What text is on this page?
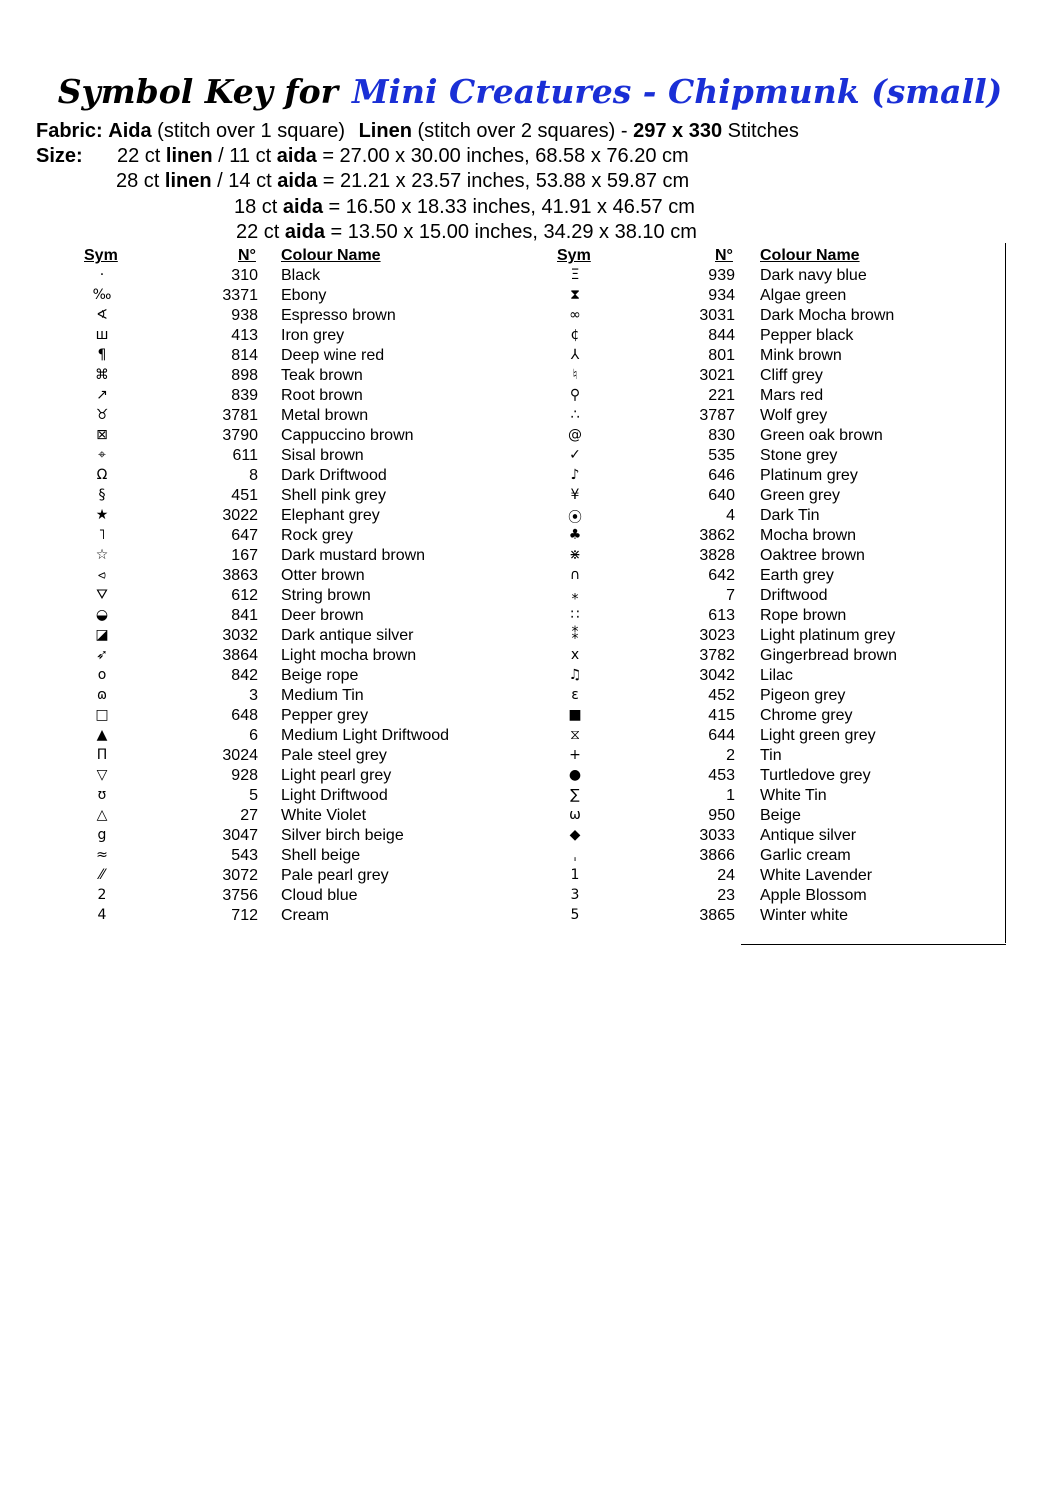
Symbol Key for Mini Creatures - Chipmunk (small)
Fabric: Aida (stitch over 1 square) Linen (stitch over 2 squares) - 297 x 330 Stitches
Size: 22 ct linen / 11 ct aida = 27.00 x 30.00 inches, 68.58 x 76.20 cm
28 ct linen / 14 ct aida = 21.21 x 23.57 inches, 53.88 x 59.87 cm
18 ct aida = 16.50 x 18.33 inches, 41.91 x 46.57 cm
22 ct aida = 13.50 x 15.00 inches, 34.29 x 38.10 cm
Sym	N° Colour Name	Sym	N° Colour Name
·	310 Black
‰	3371 Ebony
∢	938 Espresso brown
ш	413 Iron grey
¶	814 Deep wine red
⌘	898 Teak brown
↗	839 Root brown
♉	3781 Metal brown
⊠	3790 Cappuccino brown
⌖	611 Sisal brown
Ω	8 Dark Driftwood
§	451 Shell pink grey
★	3022 Elephant grey
˥	647 Rock grey
☆	167 Dark mustard brown
⪦	3863 Otter brown
⛛	612 String brown
◒	841 Deer brown
◪	3032 Dark antique silver
➶	3864 Light mocha brown
o	842 Beige rope
ɷ	3 Medium Tin
□	648 Pepper grey
▲	6 Medium Light Driftwood
Π	3024 Pale steel grey
▽	928 Light pearl grey
ʊ	5 Light Driftwood
△	27 White Violet
g	3047 Silver birch beige
≈	543 Shell beige
⁄⁄	3072 Pale pearl grey
2	3756 Cloud blue
4	712 Cream
Ξ	939 Dark navy blue
⧗	934 Algae green
∞	3031 Dark Mocha brown
¢	844 Pepper black
⅄	801 Mink brown
♮	3021 Cliff grey
⚲	221 Mars red
∴	3787 Wolf grey
@	830 Green oak brown
✓	535 Stone grey
♪	646 Platinum grey
¥	640 Green grey
⦿	4 Dark Tin
♣	3862 Mocha brown
⋇	3828 Oaktree brown
∩	642 Earth grey
⁎	7 Driftwood
∷	613 Rope brown
⁑	3023 Light platinum grey
x	3782 Gingerbread brown
♫	3042 Lilac
ε	452 Pigeon grey
■	415 Chrome grey
⧖	644 Light green grey
+	2 Tin
●	453 Turtledove grey
∑	1 White Tin
ω	950 Beige
◆	3033 Antique silver
ˌ	3866 Garlic cream
1	24 White Lavender
3	23 Apple Blossom
5	3865 Winter white
